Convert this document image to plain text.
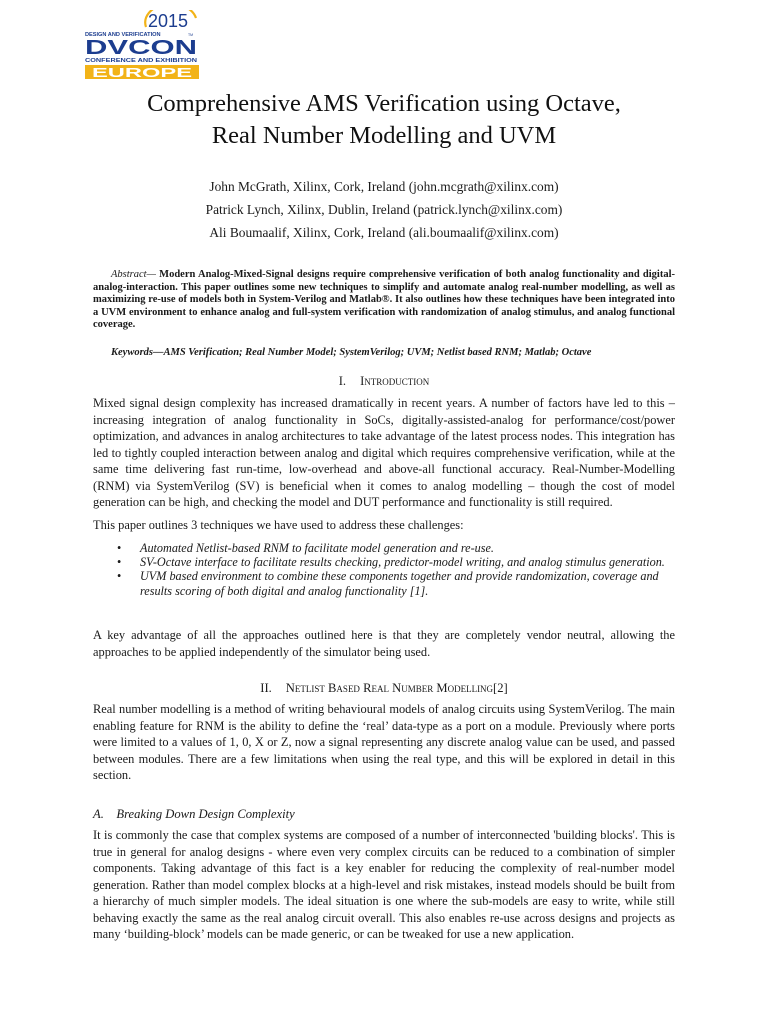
2015
DESIGN AND VERIFICATION	TM
DVCON
CONFERENCE AND EXHIBITION
EUROPE
Comprehensive AMS Verification using Octave,
Real Number Modelling and UVM
John McGrath, Xilinx, Cork, Ireland (john.mcgrath@xilinx.com)
Patrick Lynch, Xilinx, Dublin, Ireland (patrick.lynch@xilinx.com)
Ali Boumaalif, Xilinx, Cork, Ireland (ali.boumaalif@xilinx.com)

Abstract— Modern Analog-Mixed-Signal designs require comprehensive verification of both analog functionality and digital-analog-interaction. This paper outlines some new techniques to simplify and automate analog real-number modelling, as well as maximizing re-use of models both in System-Verilog and Matlab®. It also outlines how these techniques have been integrated into a UVM environment to enhance analog and full-system verification with randomization of analog stimulus, and analog functional coverage.

Keywords—AMS Verification; Real Number Model; SystemVerilog; UVM; Netlist based RNM; Matlab; Octave

I. Introduction

Mixed signal design complexity has increased dramatically in recent years. A number of factors have led to this – increasing integration of analog functionality in SoCs, digitally-assisted-analog for performance/cost/power optimization, and advances in analog architectures to take advantage of the latest process nodes. This integration has led to tightly coupled interaction between analog and digital which requires comprehensive verification, while at the same time delivering fast run-time, low-overhead and above-all functional accuracy. Real-Number-Modelling (RNM) via SystemVerilog (SV) is beneficial when it comes to analog modelling – though the cost of model generation can be high, and checking the model and DUT performance and functionality is still required.

This paper outlines 3 techniques we have used to address these challenges:

• Automated Netlist-based RNM to facilitate model generation and re-use.
• SV-Octave interface to facilitate results checking, predictor-model writing, and analog stimulus generation.
• UVM based environment to combine these components together and provide randomization, coverage and results scoring of both digital and analog functionality [1].

A key advantage of all the approaches outlined here is that they are completely vendor neutral, allowing the approaches to be applied independently of the simulator being used.

II. Netlist Based Real Number Modelling[2]

Real number modelling is a method of writing behavioural models of analog circuits using SystemVerilog. The main enabling feature for RNM is the ability to define the ‘real’ data-type as a port on a module. Previously where ports were limited to a values of 1, 0, X or Z, now a signal representing any discrete analog value can be used, and passed between modules. There are a few limitations when using the real type, and this will be explored in detail in this section.

A. Breaking Down Design Complexity

It is commonly the case that complex systems are composed of a number of interconnected 'building blocks'. This is true in general for analog designs - where even very complex circuits can be reduced to a combination of simpler components. Taking advantage of this fact is a key enabler for reducing the complexity of real-number model generation. Rather than model complex blocks at a high-level and risk mistakes, instead models should be built from a hierarchy of much simpler models. The ideal situation is one where the sub-models are easy to write, while still behaving exactly the same as the real analog circuit overall. This also enables re-use across designs and projects as many ‘building-block’ models can be made generic, or can be tweaked for use a new application.
